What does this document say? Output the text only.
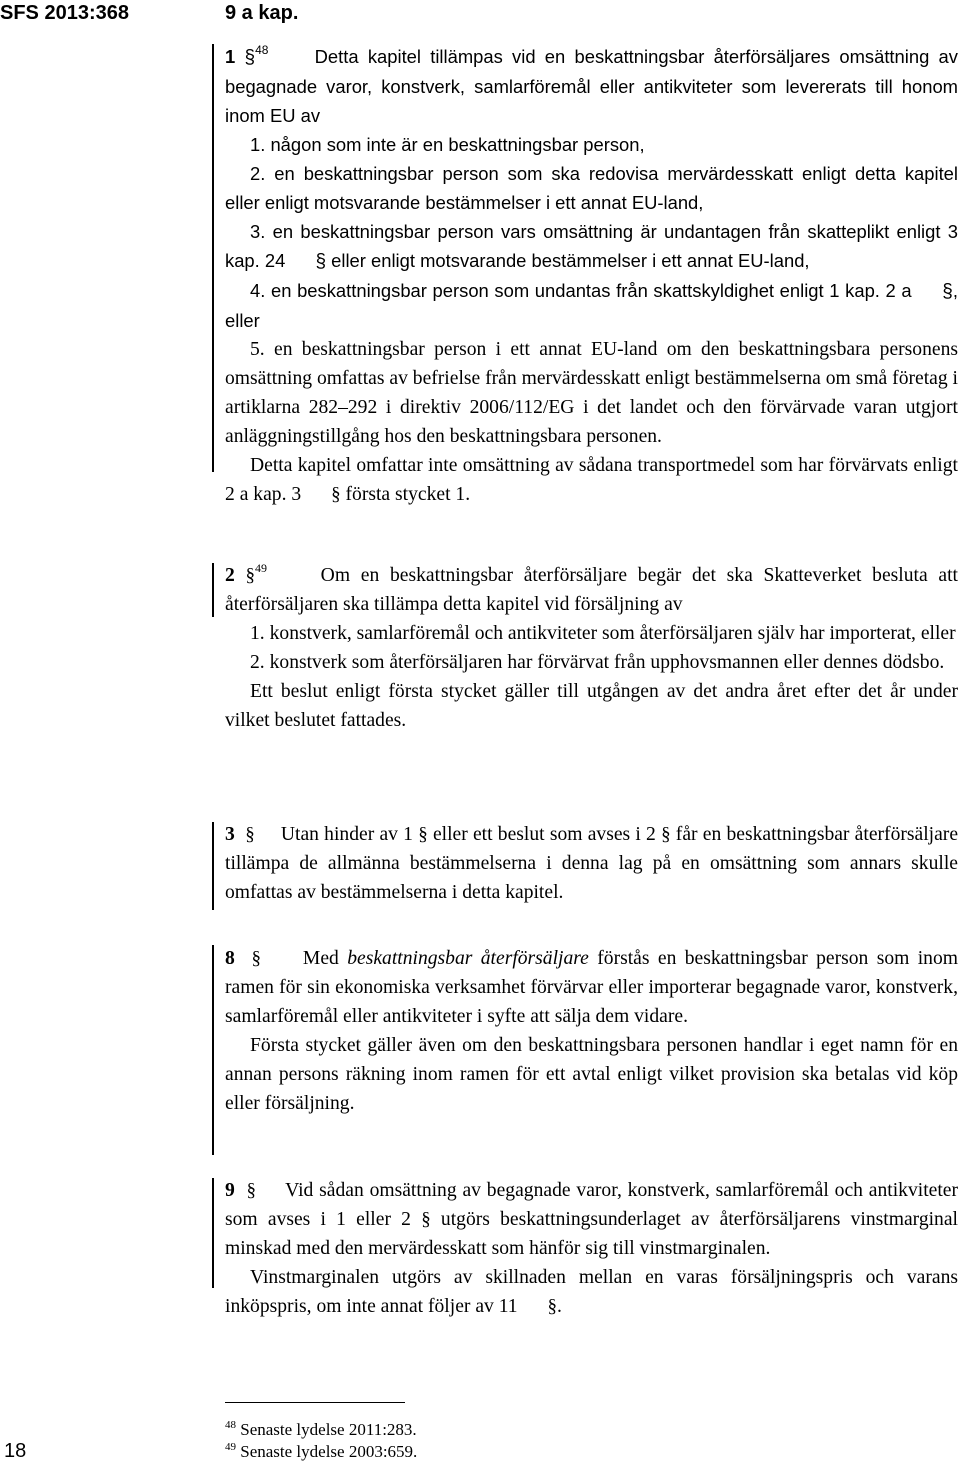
SFS 2013:368	9 a kap.

1 §$^{48}$	Detta kapitel tillämpas vid en beskattningsbar återförsäljares omsättning av begagnade varor, konstverk, samlarföremål eller antikviteter som levererats till honom inom EU av

1. någon som inte är en beskattningsbar person,

2. en beskattningsbar person som ska redovisa mervärdesskatt enligt detta kapitel eller enligt motsvarande bestämmelser i ett annat EU-land,

3. en beskattningsbar person vars omsättning är undantagen från skatteplikt enligt 3 kap. 24 § eller enligt motsvarande bestämmelser i ett annat EU-land,

4. en beskattningsbar person som undantas från skattskyldighet enligt 1 kap. 2 a §, eller

5. en beskattningsbar person i ett annat EU-land om den beskattningsbara personens omsättning omfattas av befrielse från mervärdesskatt enligt bestämmelserna om små företag i artiklarna 282–292 i direktiv 2006/112/EG i det landet och den förvärvade varan utgjort anläggningstillgång hos den beskattningsbara personen.

Detta kapitel omfattar inte omsättning av sådana transportmedel som har förvärvats enligt 2 a kap. 3 § första stycket 1.

2 §$^{49}$	Om en beskattningsbar återförsäljare begär det ska Skatteverket besluta att återförsäljaren ska tillämpa detta kapitel vid försäljning av

1. konstverk, samlarföremål och antikviteter som återförsäljaren själv har importerat, eller

2. konstverk som återförsäljaren har förvärvat från upphovsmannen eller dennes dödsbo.

Ett beslut enligt första stycket gäller till utgången av det andra året efter det år under vilket beslutet fattades.

3 § Utan hinder av 1 § eller ett beslut som avses i 2 § får en beskattningsbar återförsäljare tillämpa de allmänna bestämmelserna i denna lag på en omsättning som annars skulle omfattas av bestämmelserna i detta kapitel.

8 § Med beskattningsbar återförsäljare förstås en beskattningsbar person som inom ramen för sin ekonomiska verksamhet förvärvar eller importerar begagnade varor, konstverk, samlarföremål eller antikviteter i syfte att sälja dem vidare.

Första stycket gäller även om den beskattningsbara personen handlar i eget namn för en annan persons räkning inom ramen för ett avtal enligt vilket provision ska betalas vid köp eller försäljning.

9 § Vid sådan omsättning av begagnade varor, konstverk, samlarföremål och antikviteter som avses i 1 eller 2 § utgörs beskattningsunderlaget av återförsäljarens vinstmarginal minskad med den mervärdesskatt som hänför sig till vinstmarginalen.

Vinstmarginalen utgörs av skillnaden mellan en varas försäljningspris och varans inköpspris, om inte annat följer av 11 §.

$^{48}$ Senaste lydelse 2011:283.
$^{49}$ Senaste lydelse 2003:659.
18
